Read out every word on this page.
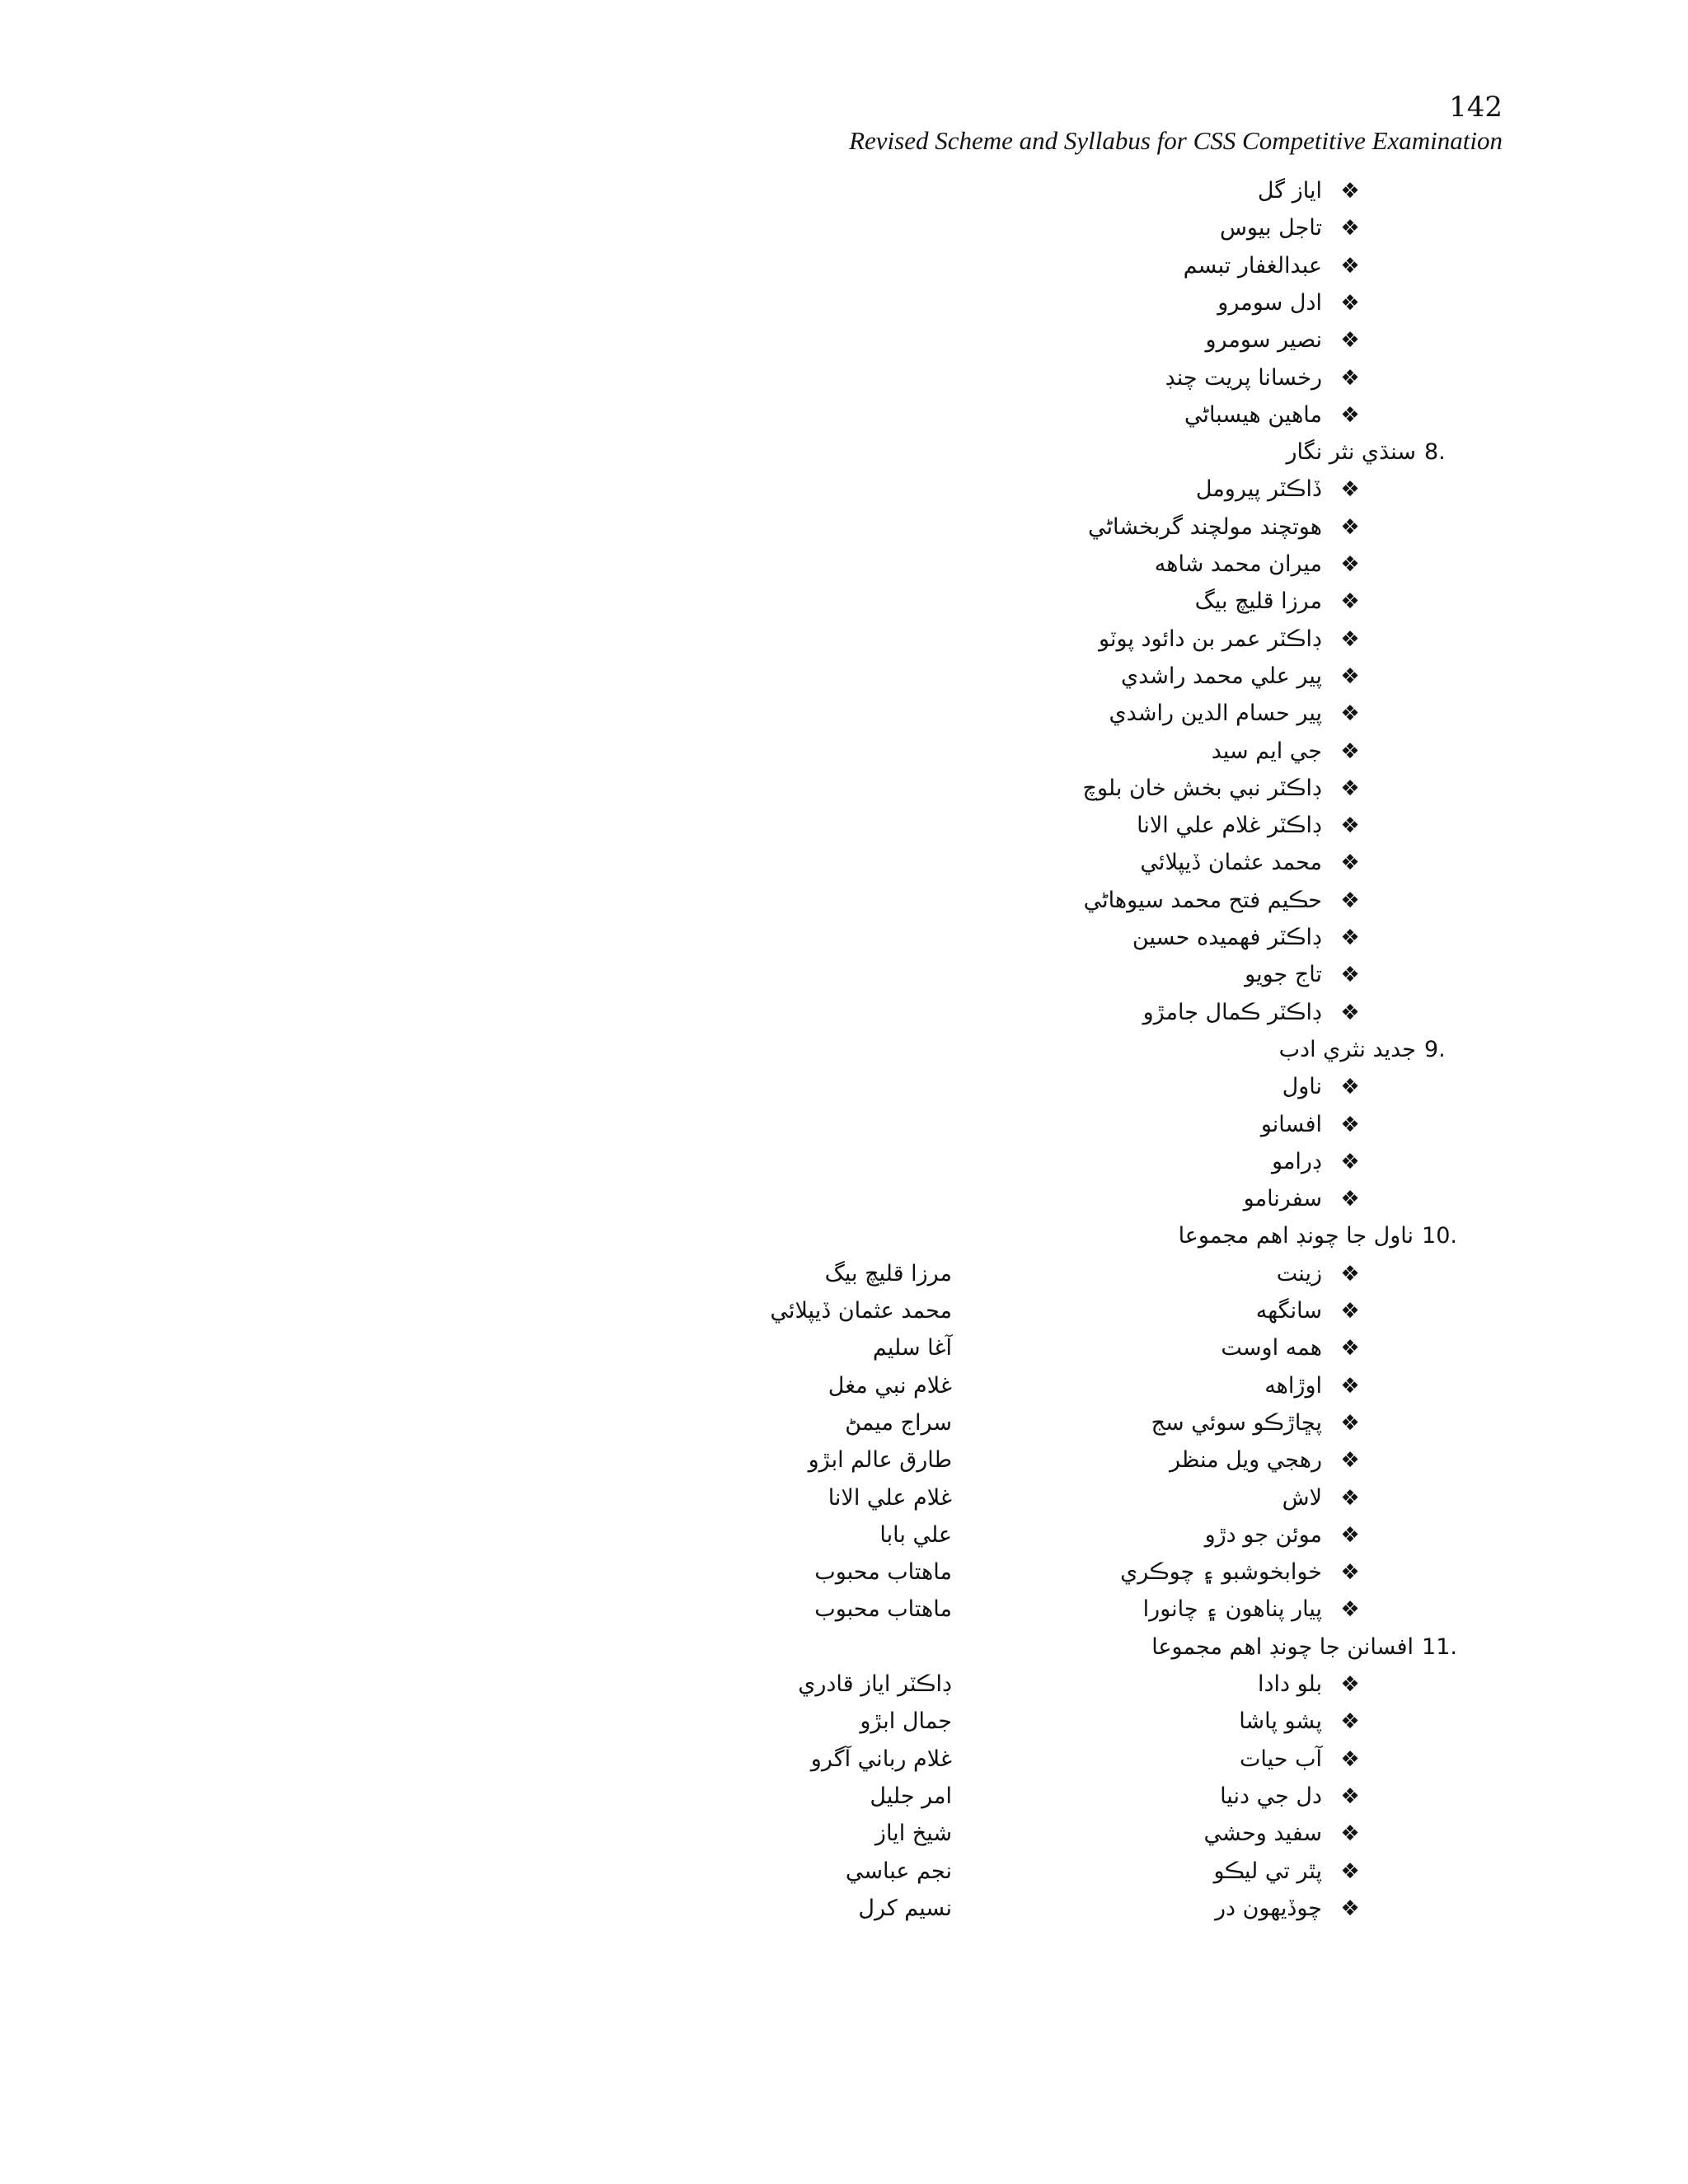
142
Revised Scheme and Syllabus for CSS Competitive Examination
❖
اياز گل
❖
تاجل بيوس
❖
عبدالغفار تبسم
❖
ادل سومرو
❖
نصير سومرو
❖
رخسانا پريت چنڊ
❖
ماهين هيسباڻي
8.
سنڌي نثر نگار
❖
ڏاڪٽر پيرومل
❖
هوتچند مولچند گربخشاڻي
❖
ميران محمد شاهه
❖
مرزا قليچ بيگ
❖
ڊاڪٽر عمر بن دائود پوٽو
❖
پير علي محمد راشدي
❖
پير حسام الدين راشدي
❖
جي ايم سيد
❖
ڊاڪٽر نبي بخش خان بلوچ
❖
ڊاڪٽر غلام علي الانا
❖
محمد عثمان ڏيپلائي
❖
حڪيم فتح محمد سيوهاڻي
❖
ڊاڪٽر فهميده حسين
❖
تاج جويو
❖
ڊاڪٽر ڪمال جامڙو
9.
جديد نثري ادب
❖
ناول
❖
افسانو
❖
ڊرامو
❖
سفرنامو
10.
ناول جا چونڊ اهم مجموعا
❖
زينت
مرزا قليچ بيگ
❖
سانگهه
محمد عثمان ڏيپلائي
❖
همه اوست
آغا سليم
❖
اوڙاهه
غلام نبي مغل
❖
پڇاڙڪو سوئي سج
سراج ميمڻ
❖
رهجي ويل منظر
طارق عالم ابڙو
❖
لاش
غلام علي الانا
❖
موئن جو دڙو
علي بابا
❖
خوابخوشبو ۽ چوڪري
ماهتاب محبوب
❖
پيار پناهون ۽ چانورا
ماهتاب محبوب
11.
افسانن جا چونڊ اهم مجموعا
❖
بلو دادا
ڊاڪٽر اياز قادري
❖
پشو پاشا
جمال ابڙو
❖
آب حيات
غلام رباني آگرو
❖
دل جي دنيا
امر جليل
❖
سفيد وحشي
شيخ اياز
❖
پٿر تي ليڪو
نجم عباسي
❖
چوڏيهون در
نسيم کرل
